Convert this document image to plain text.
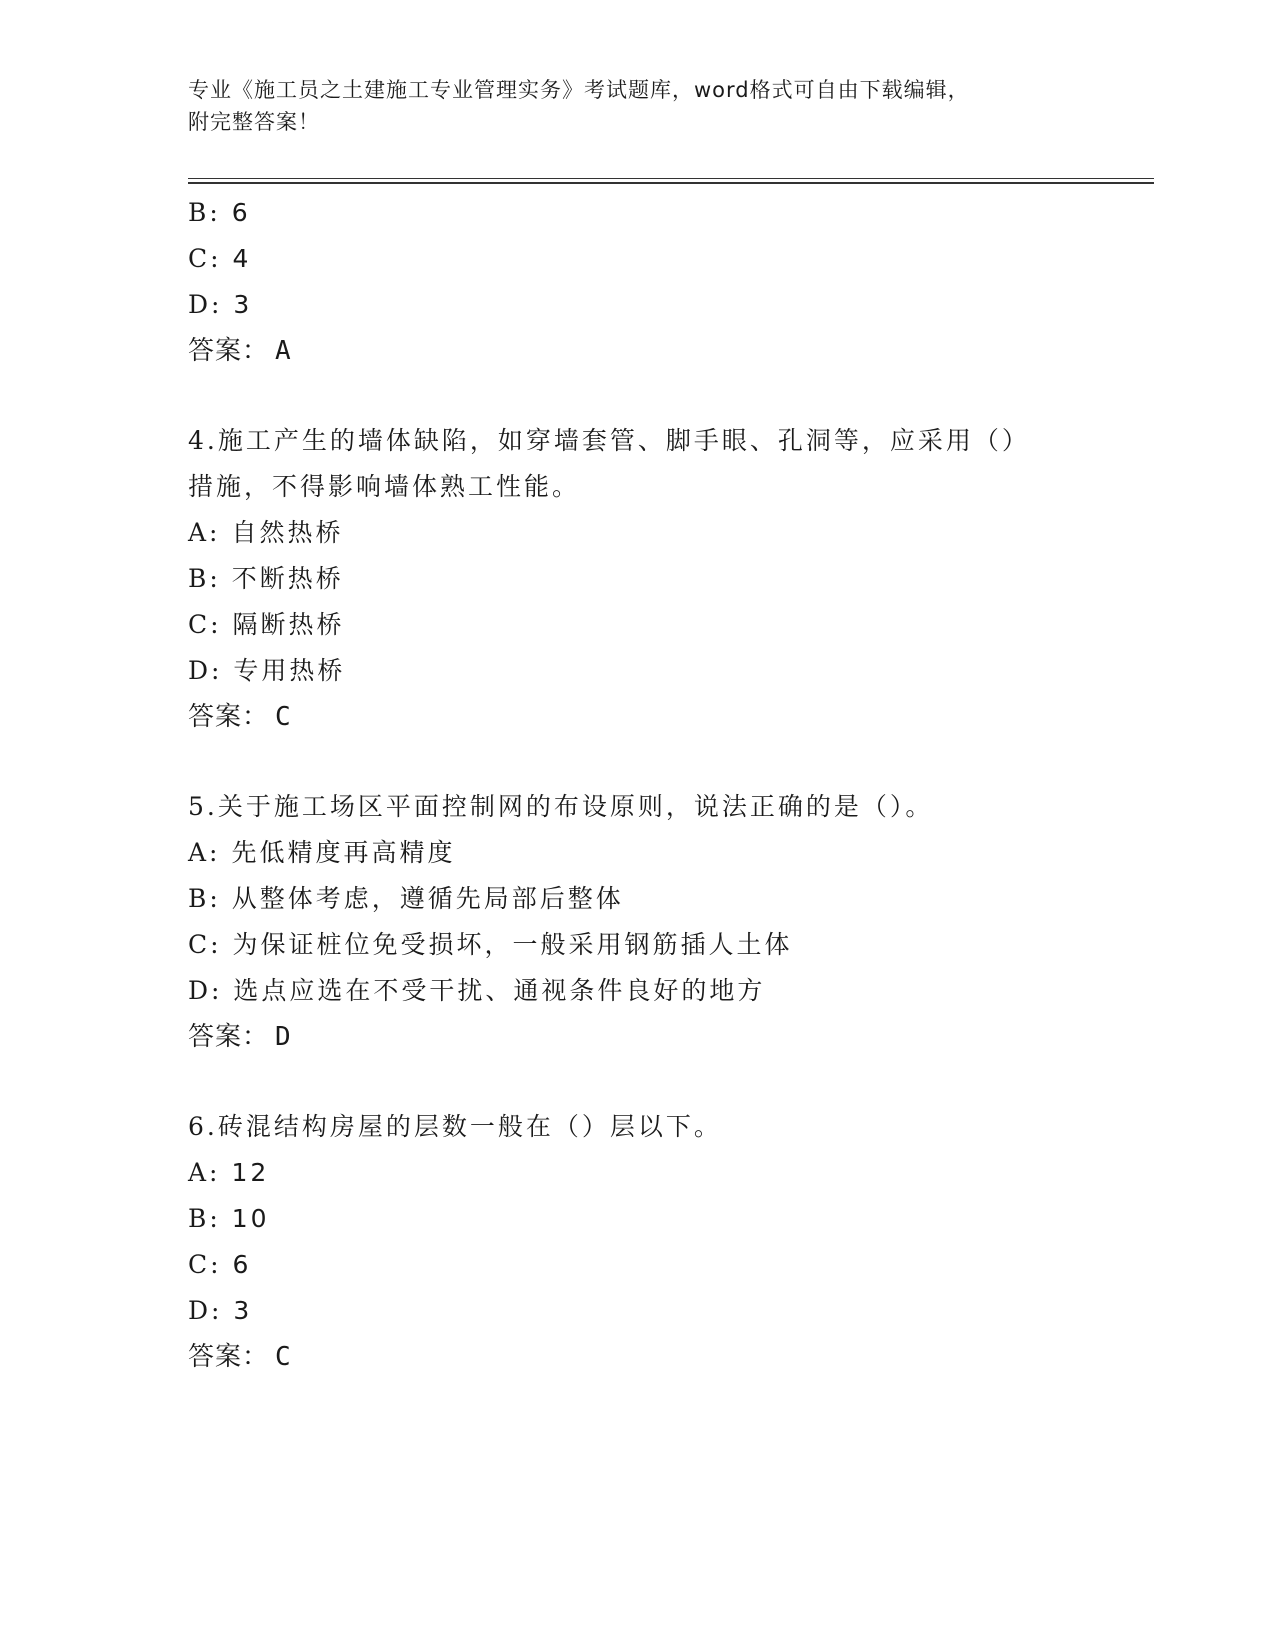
专业《施工员之土建施工专业管理实务》考试题库，word格式可自由下载编辑，
附完整答案！
B: 6
C: 4
D: 3
答案： A
4.施工产生的墙体缺陷，如穿墙套管、脚手眼、孔洞等，应采用（）
措施，不得影响墙体熟工性能。
A: 自然热桥
B: 不断热桥
C: 隔断热桥
D: 专用热桥
答案： C
5.关于施工场区平面控制网的布设原则，说法正确的是（）。
A: 先低精度再高精度
B: 从整体考虑，遵循先局部后整体
C: 为保证桩位免受损坏，一般采用钢筋插人土体
D: 选点应选在不受干扰、通视条件良好的地方
答案： D
6.砖混结构房屋的层数一般在（）层以下。
A: 12
B: 10
C: 6
D: 3
答案： C
